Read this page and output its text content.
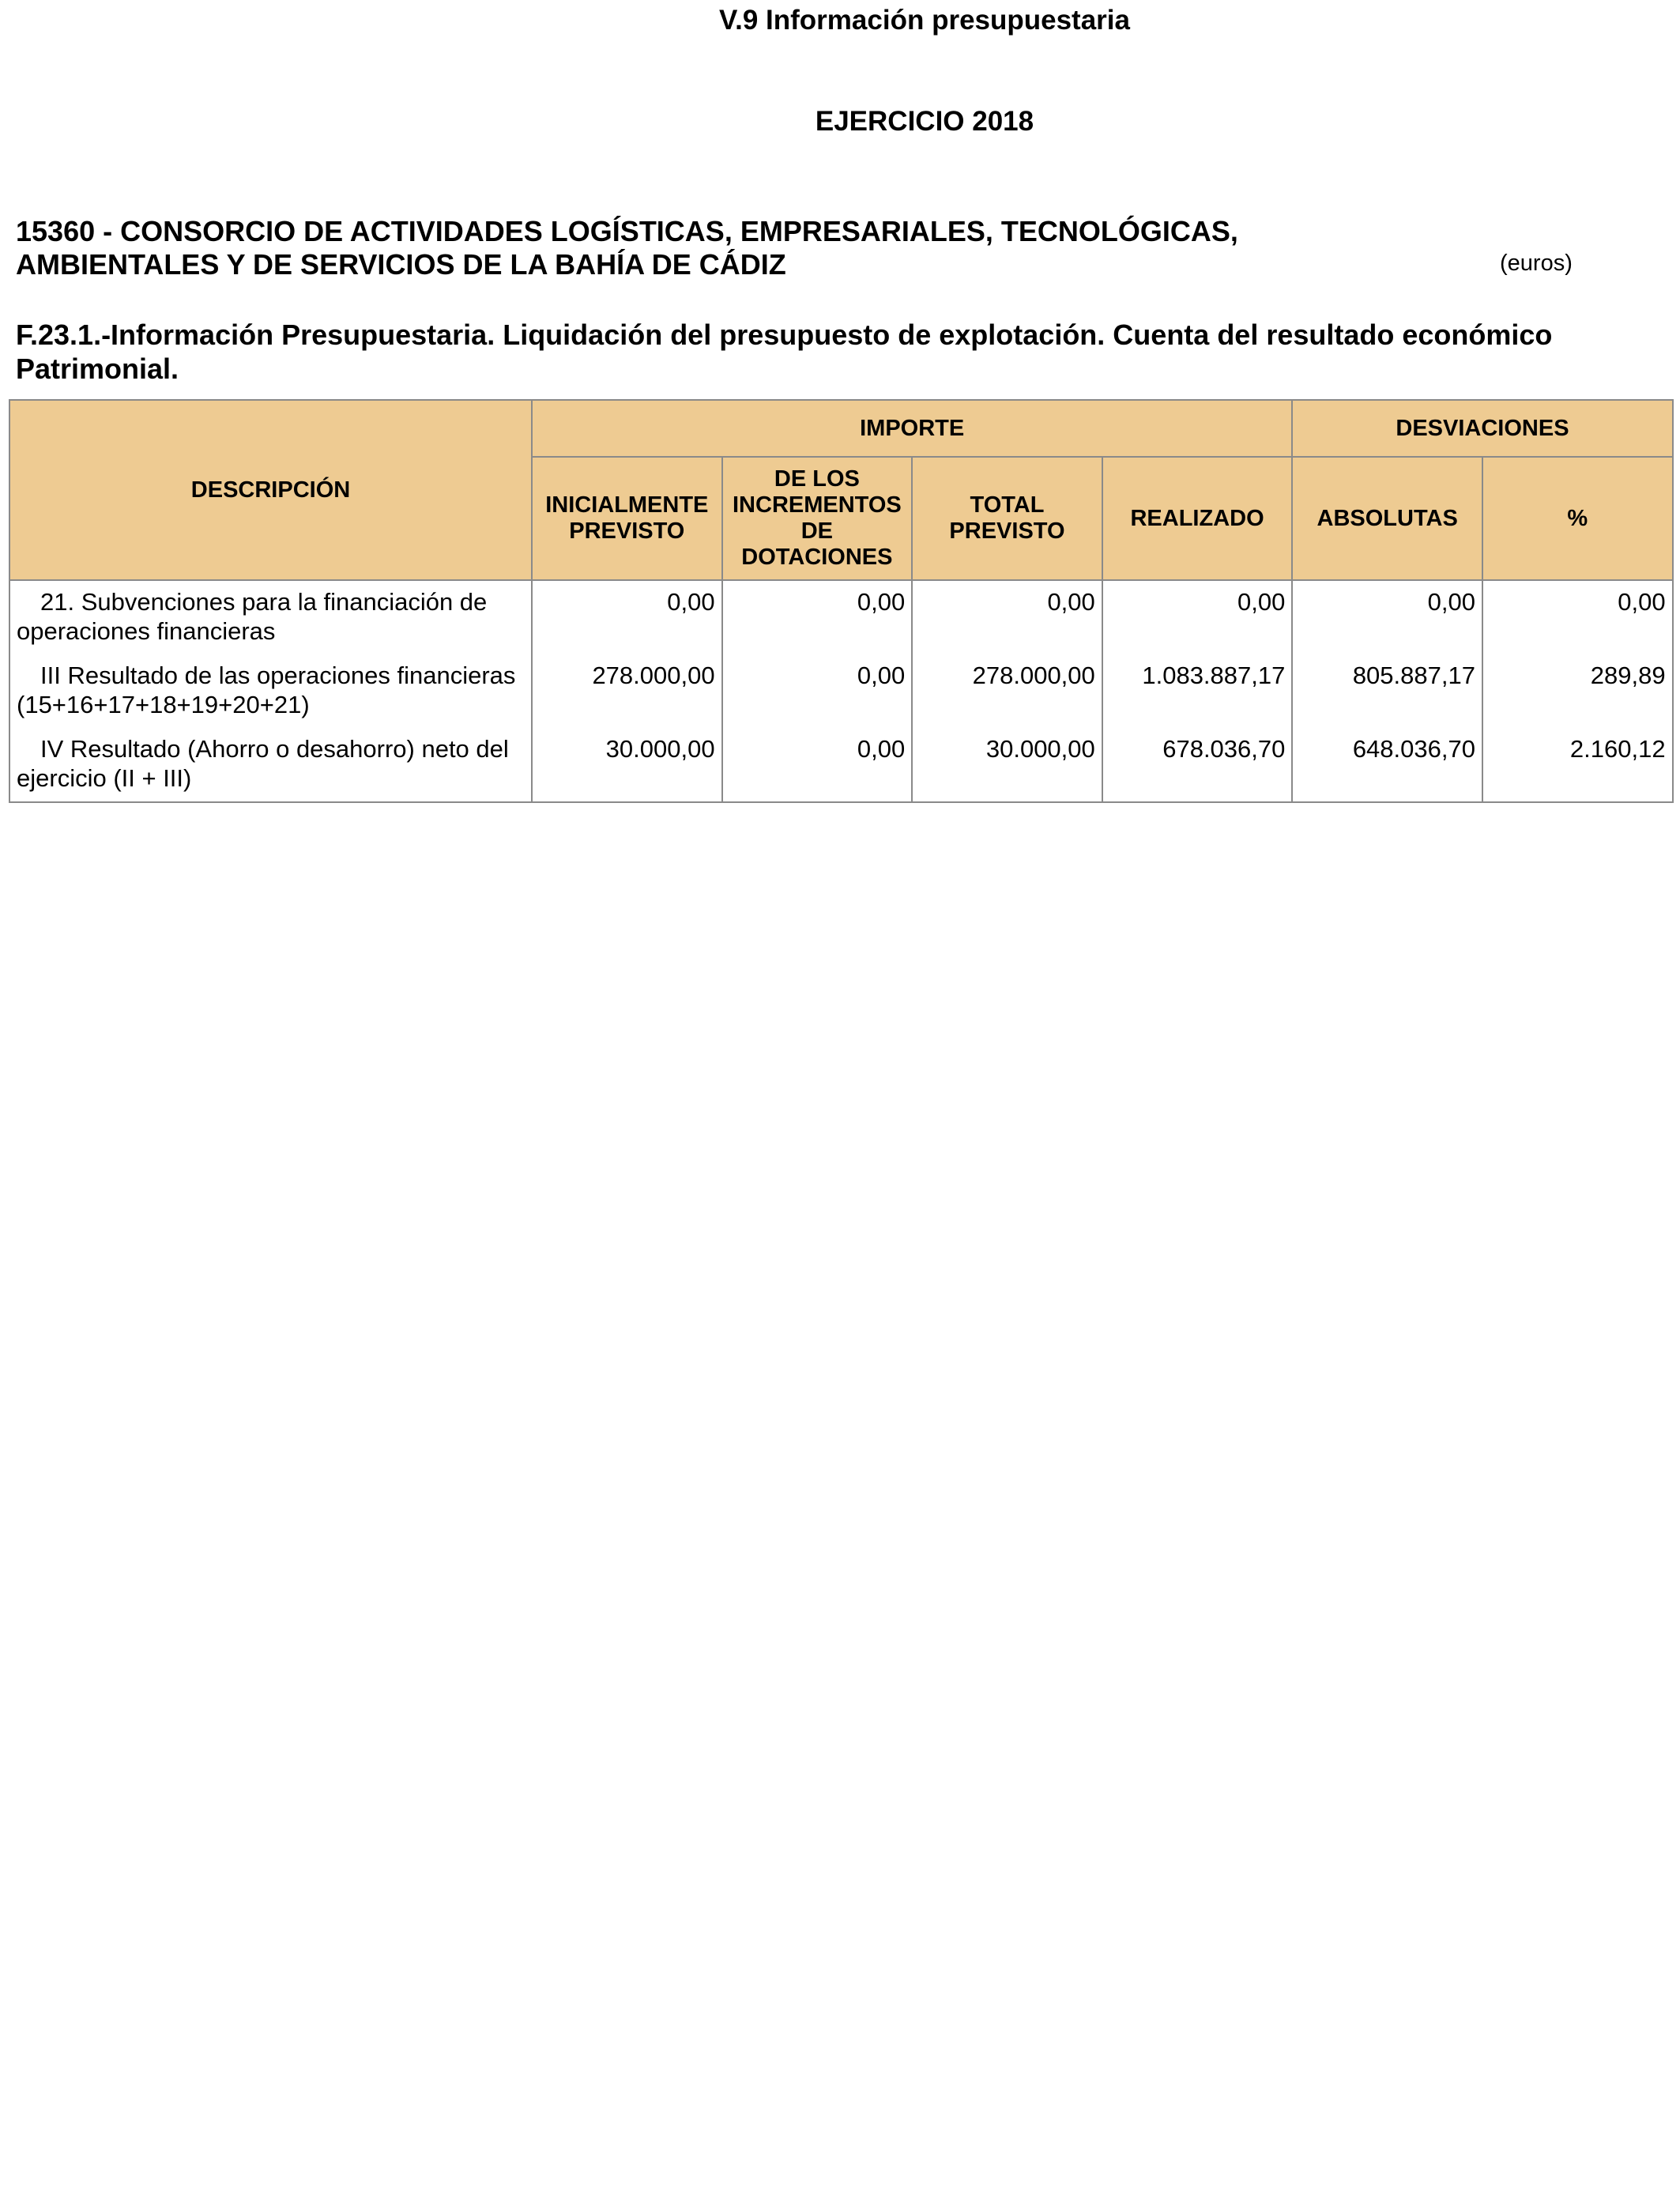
V.9 Información presupuestaria
EJERCICIO 2018
15360 - CONSORCIO DE ACTIVIDADES LOGÍSTICAS, EMPRESARIALES, TECNOLÓGICAS, AMBIENTALES Y DE SERVICIOS DE LA BAHÍA DE CÁDIZ	(euros)
F.23.1.-Información Presupuestaria. Liquidación del presupuesto de explotación. Cuenta del resultado económico Patrimonial.
DESCRIPCIÓN	IMPORTE				DESVIACIONES	
	INICIALMENTE PREVISTO	DE LOS INCREMENTOS DE DOTACIONES	TOTAL PREVISTO	REALIZADO	ABSOLUTAS	%
21. Subvenciones para la financiación de operaciones financieras	0,00	0,00	0,00	0,00	0,00	0,00
III Resultado de las operaciones financieras (15+16+17+18+19+20+21)	278.000,00	0,00	278.000,00	1.083.887,17	805.887,17	289,89
IV Resultado (Ahorro o desahorro) neto del ejercicio (II + III)	30.000,00	0,00	30.000,00	678.036,70	648.036,70	2.160,12
